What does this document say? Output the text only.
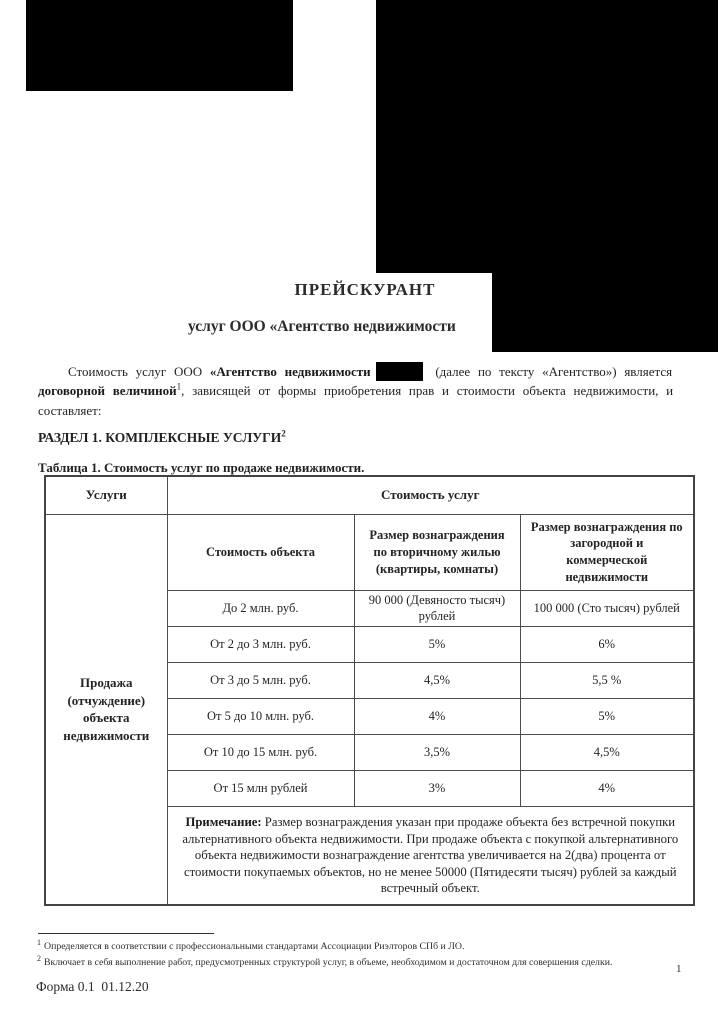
ПРЕЙСКУРАНТ
услуг ООО «Агентство недвижимости
Стоимость услуг ООО «Агентство недвижимости	(далее по тексту «Агентство») является
договорной величиной$^1$, зависящей от формы приобретения прав и стоимости объекта недвижимости, и
составляет:
РАЗДЕЛ 1. КОМПЛЕКСНЫЕ УСЛУГИ$^2$
Таблица 1. Стоимость услуг по продаже недвижимости.
Услуги	Стоимость услуг		
Продажа (отчуждение) объекта недвижимости	Стоимость объекта	Размер вознаграждения по вторичному жилью (квартиры, комнаты)	Размер вознаграждения по загородной и коммерческой недвижимости
	До 2 млн. руб.	90 000 (Девяносто тысяч) рублей	100 000 (Сто тысяч) рублей
	От 2 до 3 млн. руб.	5%	6%
	От 3 до 5 млн. руб.	4,5%	5,5 %
	От 5 до 10 млн. руб.	4%	5%
	От 10 до 15 млн. руб.	3,5%	4,5%
	От 15 млн рублей	3%	4%
	Примечание: Размер вознаграждения указан при продаже объекта без встречной покупки альтернативного объекта недвижимости. При продаже объекта с покупкой альтернативного объекта недвижимости вознаграждение агентства увеличивается на 2(два) процента от стоимости покупаемых объектов, но не менее 50000 (Пятидесяти тысяч) рублей за каждый встречный объект.		
$^1$ Определяется в соответствии с профессиональными стандартами Ассоциации Риэлторов СПб и ЛО.
$^2$ Включает в себя выполнение работ, предусмотренных структурой услуг, в объеме, необходимом и достаточном для совершения сделки.
1
Форма 0.1  01.12.20
